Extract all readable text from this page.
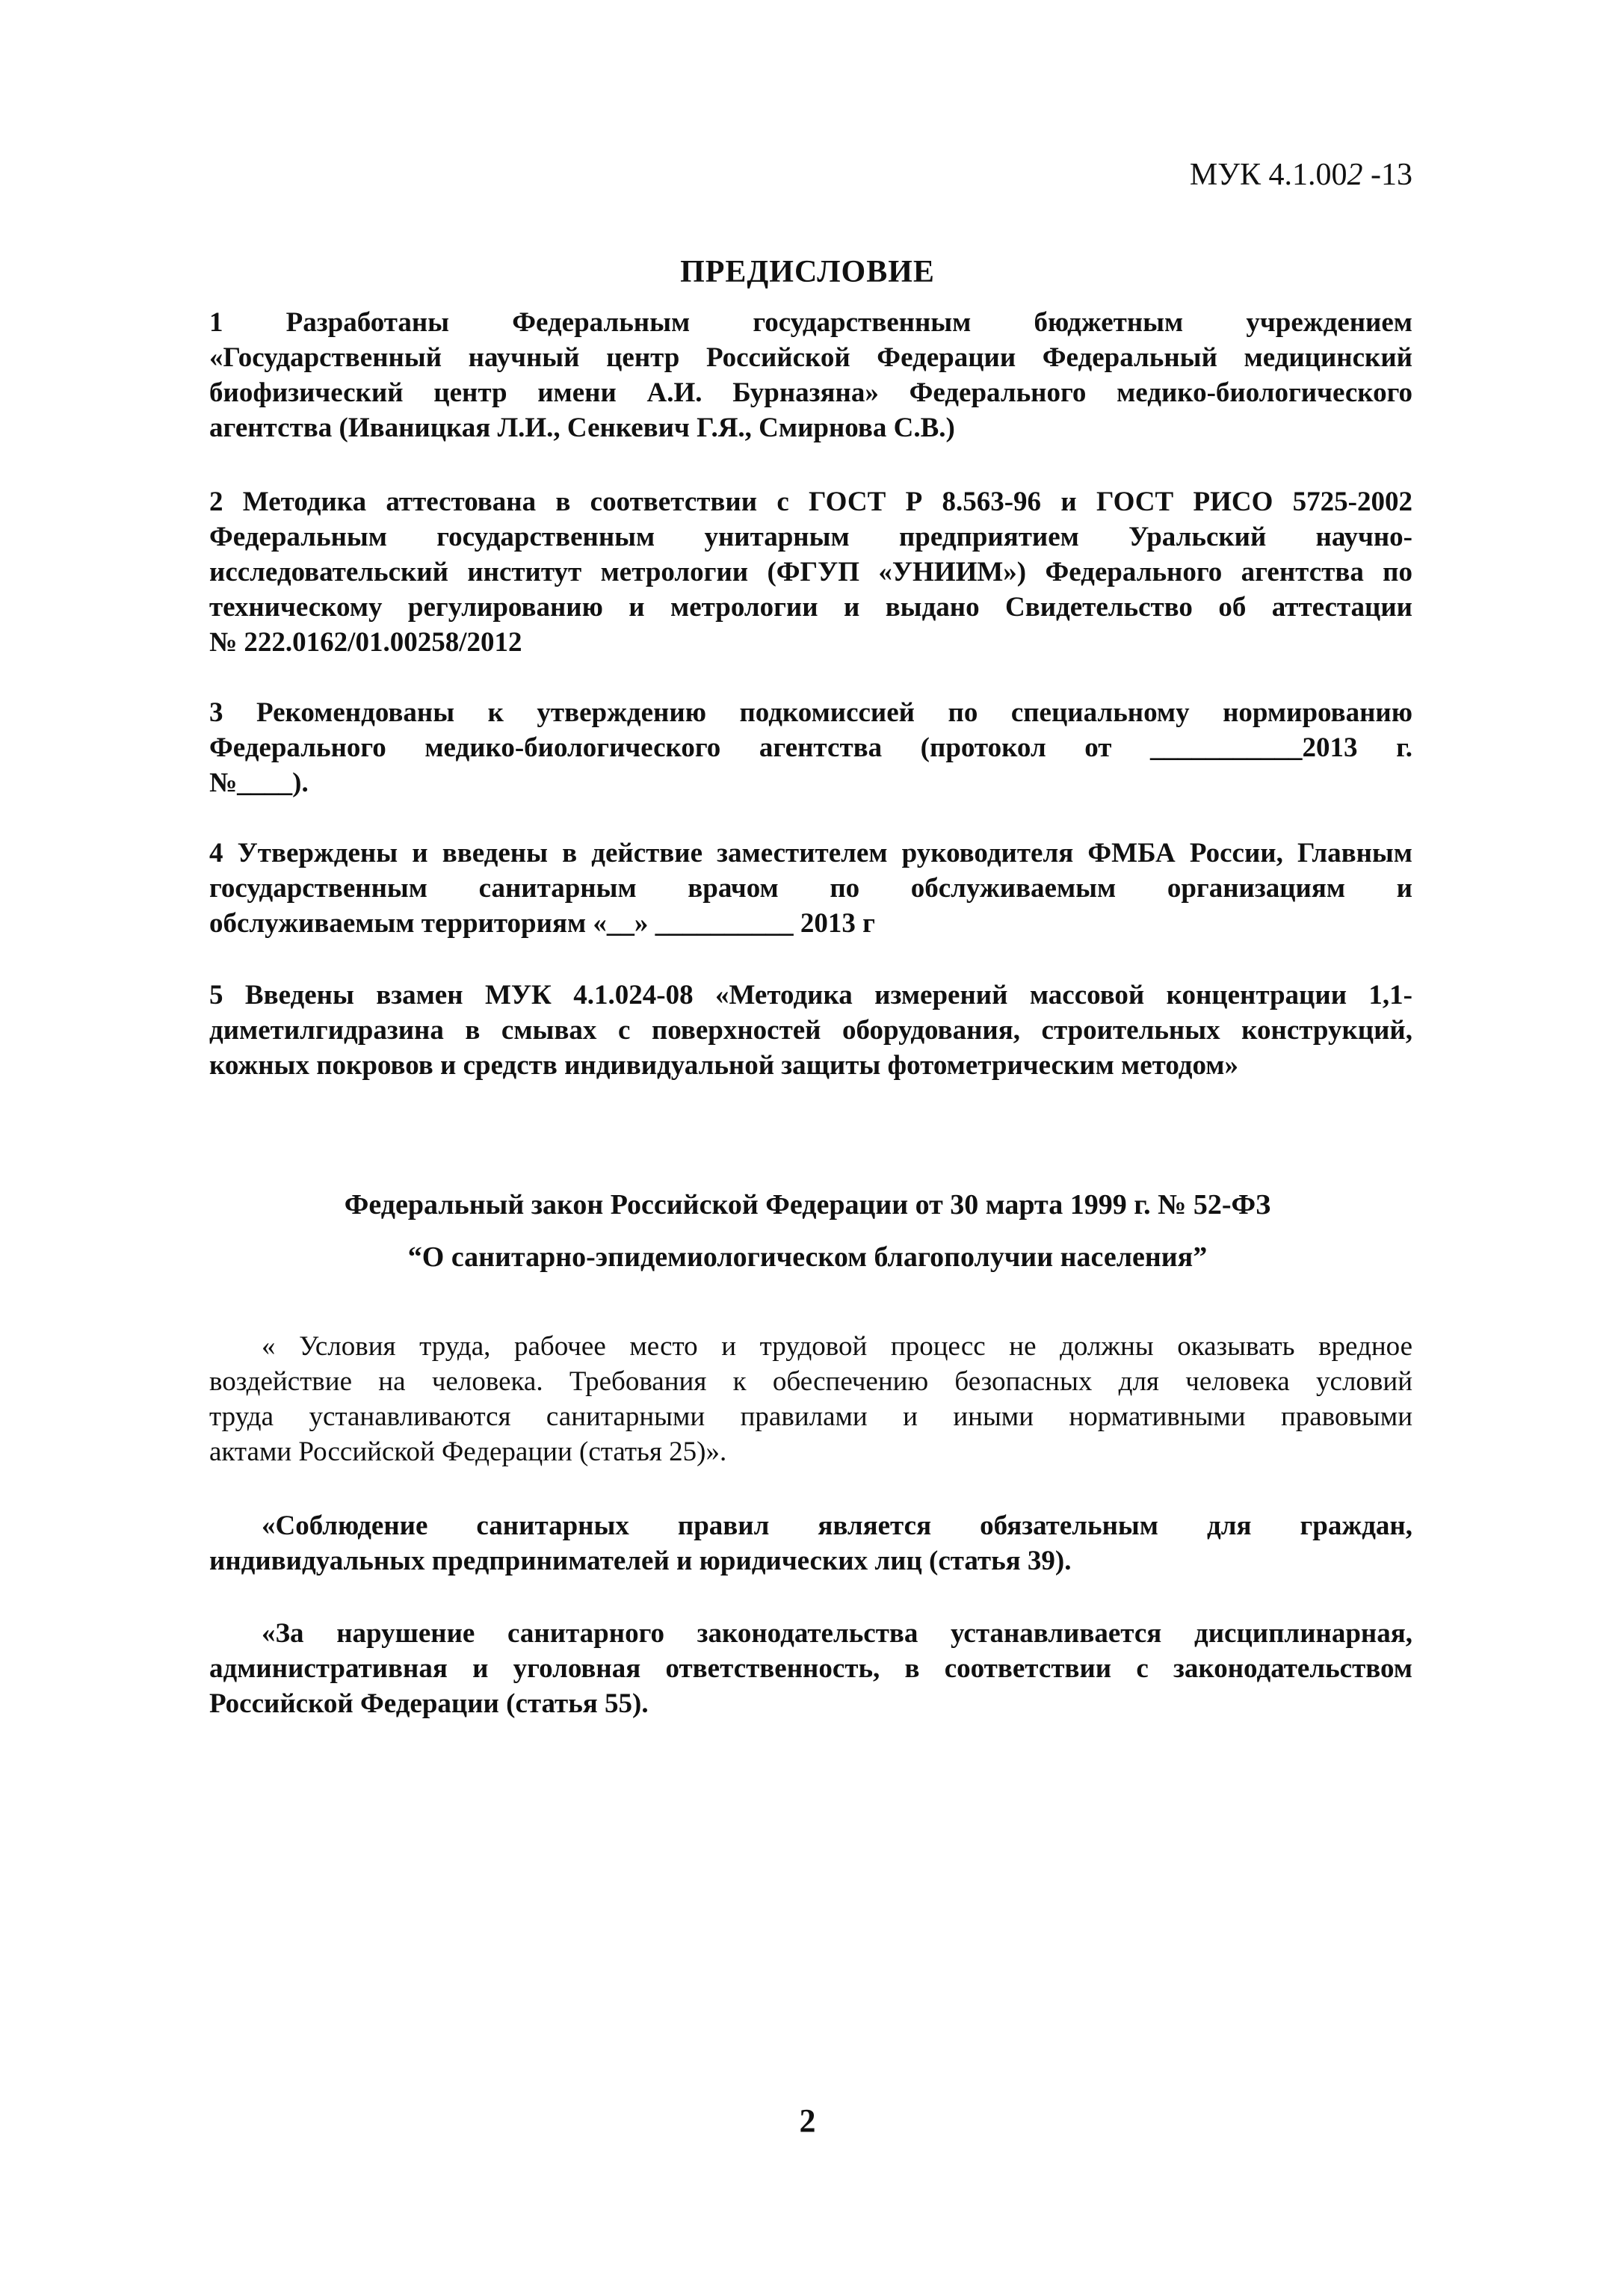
МУК 4.1.002 -13
ПРЕДИСЛОВИЕ
1 Разработаны Федеральным государственным бюджетным учреждением
«Государственный научный центр Российской Федерации Федеральный медицинский
биофизический центр имени А.И. Бурназяна» Федерального медико-биологического
агентства (Иваницкая Л.И., Сенкевич Г.Я., Смирнова С.В.)
2 Методика аттестована в соответствии с ГОСТ Р 8.563-96 и ГОСТ РИСО 5725-2002
Федеральным государственным унитарным предприятием Уральский научно-
исследовательский институт метрологии (ФГУП «УНИИМ») Федерального агентства по
техническому регулированию и метрологии и выдано Свидетельство об аттестации
№ 222.0162/01.00258/2012
3 Рекомендованы к утверждению подкомиссией по специальному нормированию
Федерального медико-биологического агентства (протокол от ___________2013 г.
№____).
4 Утверждены и введены в действие заместителем руководителя ФМБА России, Главным
государственным санитарным врачом по обслуживаемым организациям и
обслуживаемым территориям «__» __________ 2013 г
5 Введены взамен МУК 4.1.024-08 «Методика измерений массовой концентрации 1,1-
диметилгидразина в смывах с поверхностей оборудования, строительных конструкций,
кожных покровов и средств индивидуальной защиты фотометрическим методом»
Федеральный закон Российской Федерации от 30 марта 1999 г. № 52-ФЗ
“О санитарно-эпидемиологическом благополучии населения”
« Условия труда, рабочее место и трудовой процесс не должны оказывать вредное
воздействие на человека. Требования к обеспечению безопасных для человека условий
труда устанавливаются санитарными правилами и иными нормативными правовыми
актами Российской Федерации (статья 25)».
«Соблюдение санитарных правил является обязательным для граждан,
индивидуальных предпринимателей и юридических лиц (статья 39).
«За нарушение санитарного законодательства устанавливается дисциплинарная,
административная и уголовная ответственность, в соответствии с законодательством
Российской Федерации (статья 55).
2
